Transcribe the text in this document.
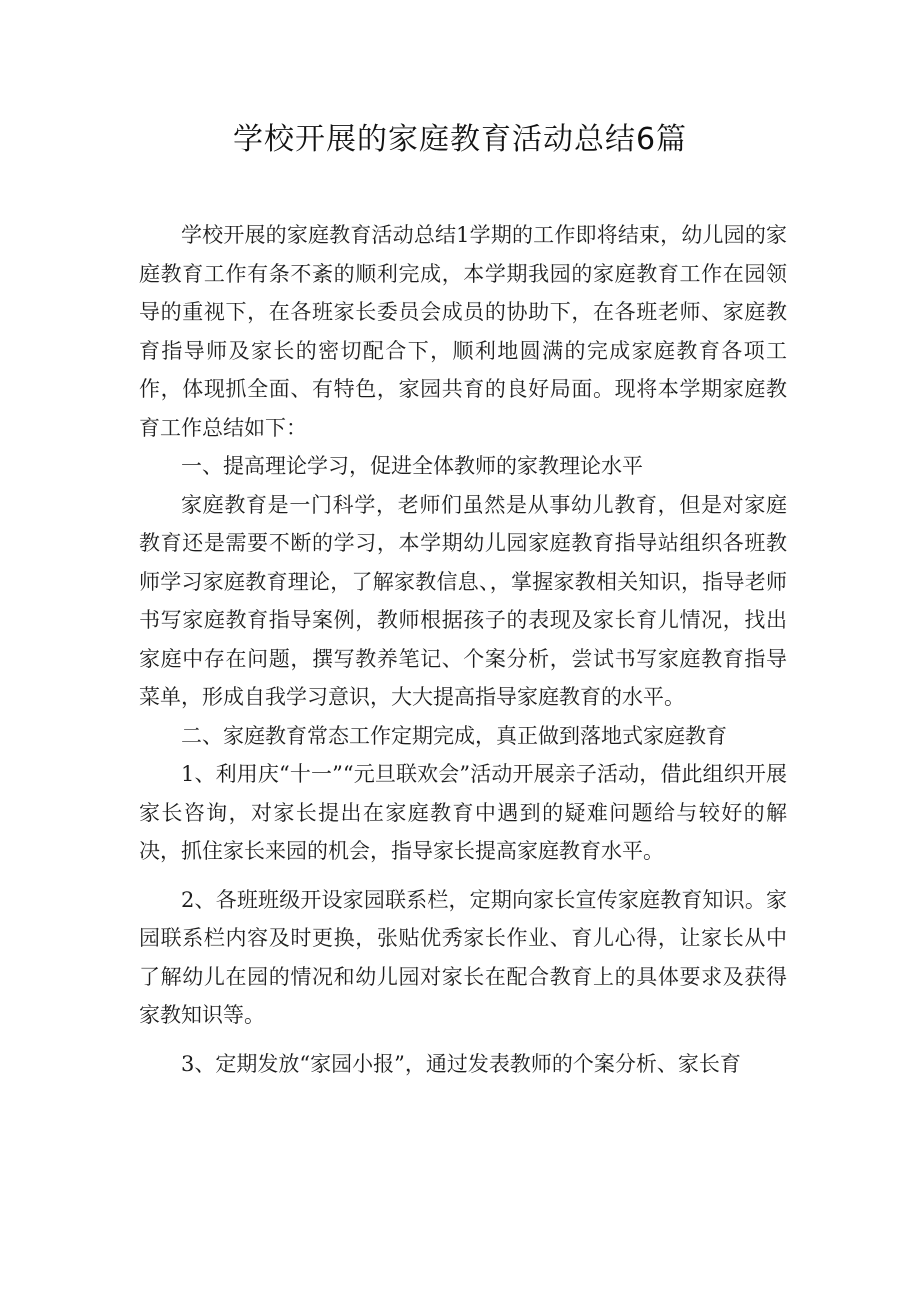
学校开展的家庭教育活动总结6篇

学校开展的家庭教育活动总结1学期的工作即将结束，幼儿园的家庭教育工作有条不紊的顺利完成，本学期我园的家庭教育工作在园领导的重视下，在各班家长委员会成员的协助下，在各班老师、家庭教育指导师及家长的密切配合下，顺利地圆满的完成家庭教育各项工作，体现抓全面、有特色，家园共育的良好局面。现将本学期家庭教育工作总结如下：

一、提高理论学习，促进全体教师的家教理论水平

家庭教育是一门科学，老师们虽然是从事幼儿教育，但是对家庭教育还是需要不断的学习，本学期幼儿园家庭教育指导站组织各班教师学习家庭教育理论，了解家教信息、，掌握家教相关知识，指导老师书写家庭教育指导案例，教师根据孩子的表现及家长育儿情况，找出家庭中存在问题，撰写教养笔记、个案分析，尝试书写家庭教育指导菜单，形成自我学习意识，大大提高指导家庭教育的水平。

二、家庭教育常态工作定期完成，真正做到落地式家庭教育

1、利用庆“十一”“元旦联欢会”活动开展亲子活动，借此组织开展家长咨询，对家长提出在家庭教育中遇到的疑难问题给与较好的解决，抓住家长来园的机会，指导家长提高家庭教育水平。

2、各班班级开设家园联系栏，定期向家长宣传家庭教育知识。家园联系栏内容及时更换，张贴优秀家长作业、育儿心得，让家长从中了解幼儿在园的情况和幼儿园对家长在配合教育上的具体要求及获得家教知识等。

3、定期发放“家园小报”，通过发表教师的个案分析、家长育
